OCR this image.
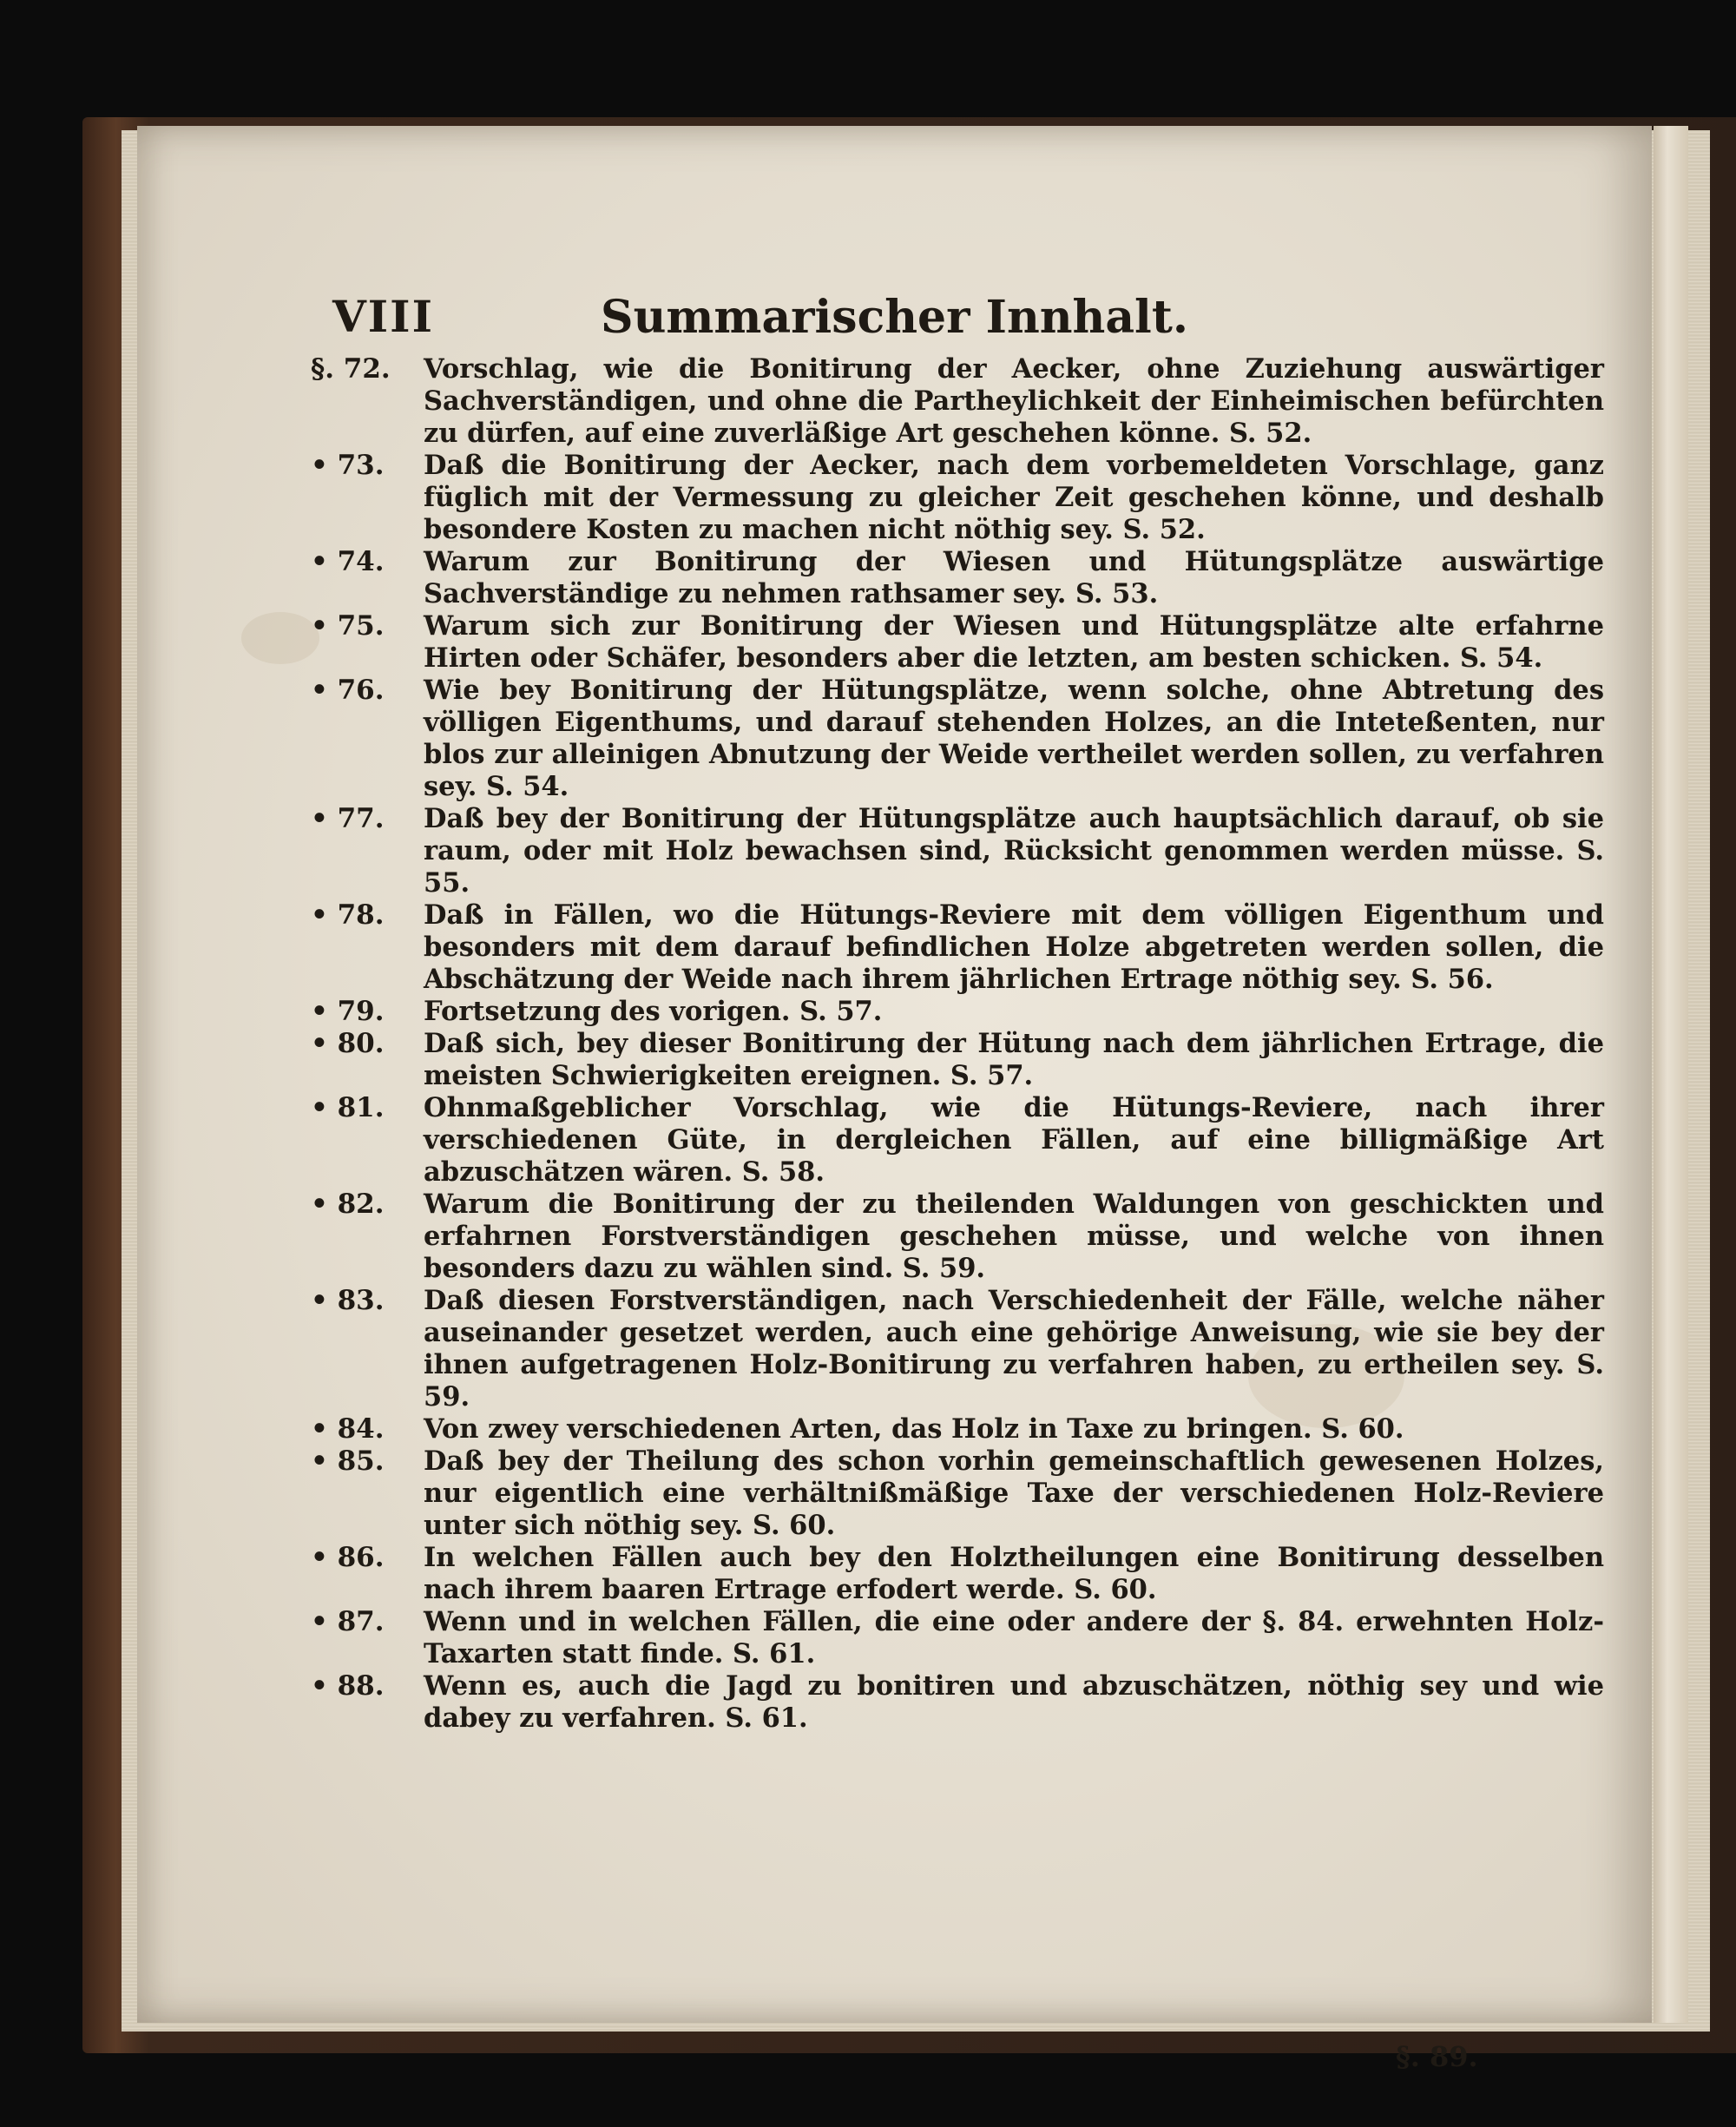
VIII	Summarischer Innhalt.
§. 72.	Vorschlag, wie die Bonitirung der Aecker, ohne Zuziehung auswärtiger Sachverständigen, und ohne die Partheylichkeit der Einheimischen befürchten zu dürfen, auf eine zuverläßige Art geschehen könne. S. 52.
• 73.	Daß die Bonitirung der Aecker, nach dem vorbemeldeten Vorschlage, ganz füglich mit der Vermessung zu gleicher Zeit geschehen könne, und deshalb besondere Kosten zu machen nicht nöthig sey. S. 52.
• 74.	Warum zur Bonitirung der Wiesen und Hütungsplätze auswärtige Sachverständige zu nehmen rathsamer sey. S. 53.
• 75.	Warum sich zur Bonitirung der Wiesen und Hütungsplätze alte erfahrne Hirten oder Schäfer, besonders aber die letzten, am besten schicken. S. 54.
• 76.	Wie bey Bonitirung der Hütungsplätze, wenn solche, ohne Abtretung des völligen Eigenthums, und darauf stehenden Holzes, an die Inteteßenten, nur blos zur alleinigen Abnutzung der Weide vertheilet werden sollen, zu verfahren sey. S. 54.
• 77.	Daß bey der Bonitirung der Hütungsplätze auch hauptsächlich darauf, ob sie raum, oder mit Holz bewachsen sind, Rücksicht genommen werden müsse. S. 55.
• 78.	Daß in Fällen, wo die Hütungs-Reviere mit dem völligen Eigenthum und besonders mit dem darauf befindlichen Holze abgetreten werden sollen, die Abschätzung der Weide nach ihrem jährlichen Ertrage nöthig sey. S. 56.
• 79.	Fortsetzung des vorigen. S. 57.
• 80.	Daß sich, bey dieser Bonitirung der Hütung nach dem jährlichen Ertrage, die meisten Schwierigkeiten ereignen. S. 57.
• 81.	Ohnmaßgeblicher Vorschlag, wie die Hütungs-Reviere, nach ihrer verschiedenen Güte, in dergleichen Fällen, auf eine billigmäßige Art abzuschätzen wären. S. 58.
• 82.	Warum die Bonitirung der zu theilenden Waldungen von geschickten und erfahrnen Forstverständigen geschehen müsse, und welche von ihnen besonders dazu zu wählen sind. S. 59.
• 83.	Daß diesen Forstverständigen, nach Verschiedenheit der Fälle, welche näher auseinander gesetzet werden, auch eine gehörige Anweisung, wie sie bey der ihnen aufgetragenen Holz-Bonitirung zu verfahren haben, zu ertheilen sey. S. 59.
• 84.	Von zwey verschiedenen Arten, das Holz in Taxe zu bringen. S. 60.
• 85.	Daß bey der Theilung des schon vorhin gemeinschaftlich gewesenen Holzes, nur eigentlich eine verhältnißmäßige Taxe der verschiedenen Holz-Reviere unter sich nöthig sey. S. 60.
• 86.	In welchen Fällen auch bey den Holztheilungen eine Bonitirung desselben nach ihrem baaren Ertrage erfodert werde. S. 60.
• 87.	Wenn und in welchen Fällen, die eine oder andere der §. 84. erwehnten Holz-Taxarten statt finde. S. 61.
• 88.	Wenn es, auch die Jagd zu bonitiren und abzuschätzen, nöthig sey und wie dabey zu verfahren. S. 61.
§. 89.
